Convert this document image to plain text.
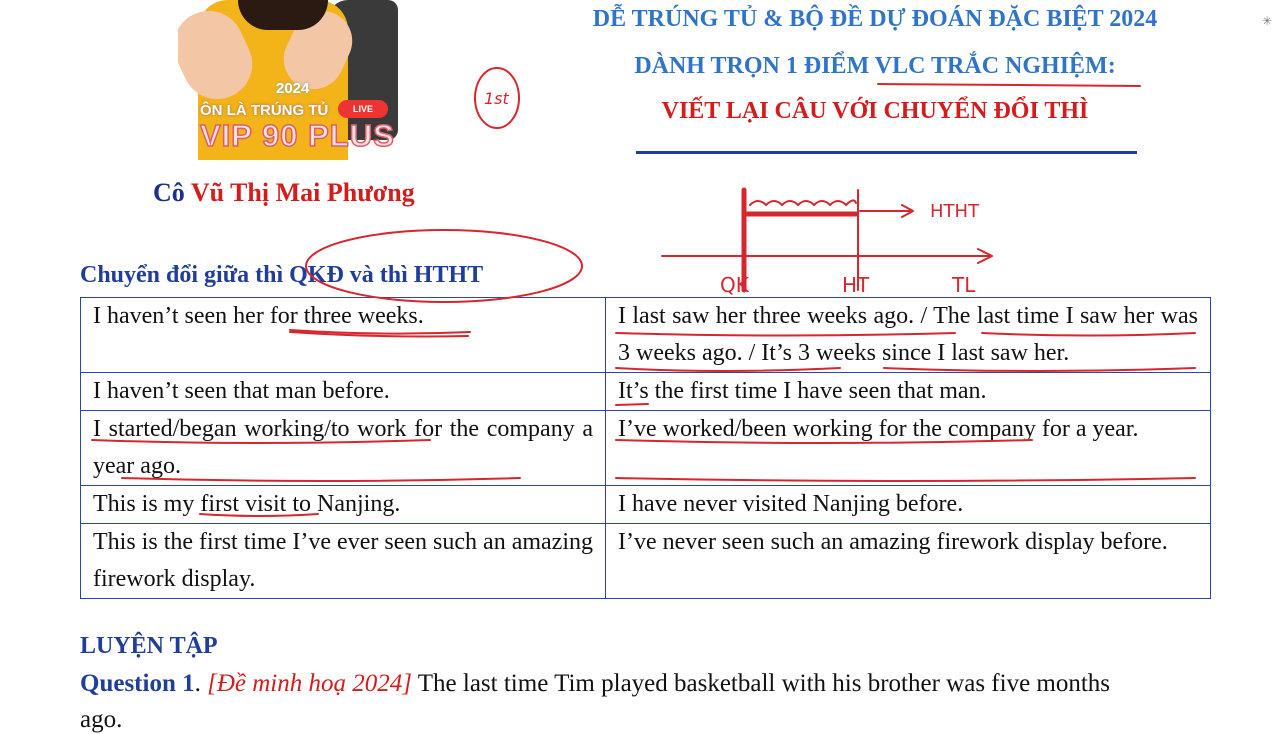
2024
ÔN LÀ TRÚNG TỦ	LIVE
VIP 90 PLUS
DỄ TRÚNG TỦ & BỘ ĐỀ DỰ ĐOÁN ĐẶC BIỆT 2024
DÀNH TRỌN 1 ĐIỂM VLC TRẮC NGHIỆM:
VIẾT LẠI CÂU VỚI CHUYỂN ĐỔI THÌ
Cô Vũ Thị Mai Phương
Chuyển đổi giữa thì QKĐ và thì HTHT
I haven’t seen her for three weeks.	I last saw her three weeks ago. / The last time I saw her was 3 weeks ago. / It’s 3 weeks since I last saw her.
I haven’t seen that man before.	It’s the first time I have seen that man.
I started/began working/to work for the company a year ago.	I’ve worked/been working for the company for a year.
This is my first visit to Nanjing.	I have never visited Nanjing before.
This is the first time I’ve ever seen such an amazing firework display.	I’ve never seen such an amazing firework display before.
LUYỆN TẬP
Question 1. [Đề minh hoạ 2024] The last time Tim played basketball with his brother was five months
ago.
✳
1st
HTHT
QK	HT	TL
